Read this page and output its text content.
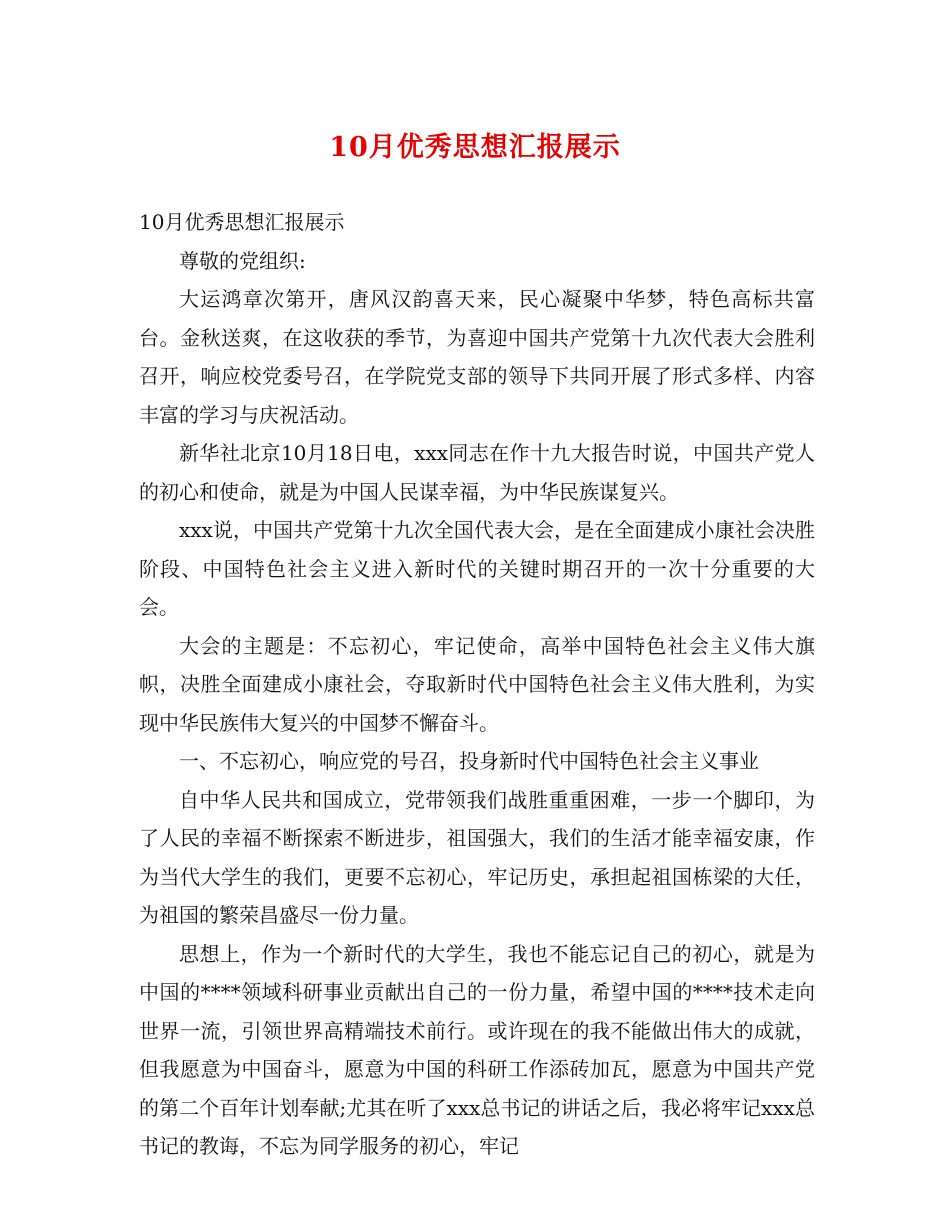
10月优秀思想汇报展示

10月优秀思想汇报展示

尊敬的党组织:

大运鸿章次第开，唐风汉韵喜天来，民心凝聚中华梦，特色高标共富台。金秋送爽，在这收获的季节，为喜迎中国共产党第十九次代表大会胜利召开，响应校党委号召，在学院党支部的领导下共同开展了形式多样、内容丰富的学习与庆祝活动。

新华社北京10月18日电，xxx同志在作十九大报告时说，中国共产党人的初心和使命，就是为中国人民谋幸福，为中华民族谋复兴。

xxx说，中国共产党第十九次全国代表大会，是在全面建成小康社会决胜阶段、中国特色社会主义进入新时代的关键时期召开的一次十分重要的大会。

大会的主题是：不忘初心，牢记使命，高举中国特色社会主义伟大旗帜，决胜全面建成小康社会，夺取新时代中国特色社会主义伟大胜利，为实现中华民族伟大复兴的中国梦不懈奋斗。

一、不忘初心，响应党的号召，投身新时代中国特色社会主义事业

自中华人民共和国成立，党带领我们战胜重重困难，一步一个脚印，为了人民的幸福不断探索不断进步，祖国强大，我们的生活才能幸福安康，作为当代大学生的我们，更要不忘初心，牢记历史，承担起祖国栋梁的大任，为祖国的繁荣昌盛尽一份力量。

思想上，作为一个新时代的大学生，我也不能忘记自己的初心，就是为中国的****领域科研事业贡献出自己的一份力量，希望中国的****技术走向世界一流，引领世界高精端技术前行。或许现在的我不能做出伟大的成就，但我愿意为中国奋斗，愿意为中国的科研工作添砖加瓦，愿意为中国共产党的第二个百年计划奉献;尤其在听了xxx总书记的讲话之后，我必将牢记xxx总书记的教诲，不忘为同学服务的初心，牢记
